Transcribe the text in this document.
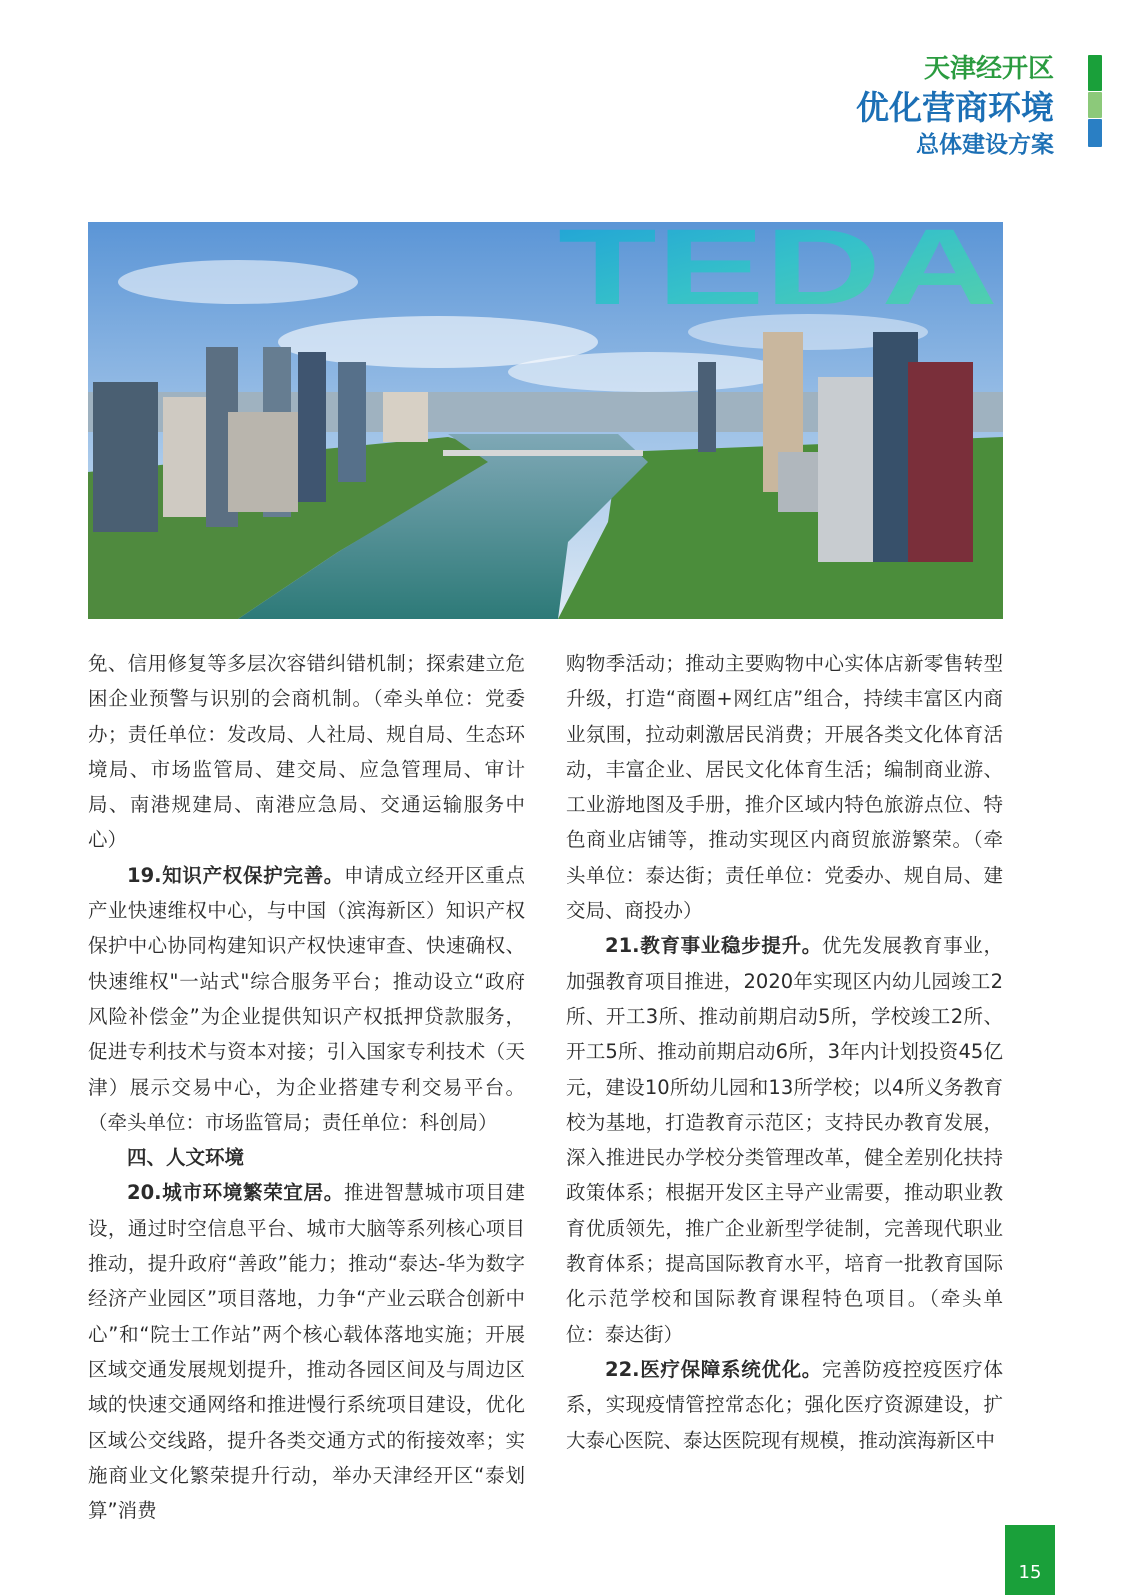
天津经开区
优化营商环境
总体建设方案
TEDA

免、信用修复等多层次容错纠错机制；探索建立危困企业预警与识别的会商机制。（牵头单位：党委办；责任单位：发改局、人社局、规自局、生态环境局、市场监管局、建交局、应急管理局、审计局、南港规建局、南港应急局、交通运输服务中心）

19.知识产权保护完善。申请成立经开区重点产业快速维权中心，与中国（滨海新区）知识产权保护中心协同构建知识产权快速审查、快速确权、快速维权"一站式"综合服务平台；推动设立“政府风险补偿金”为企业提供知识产权抵押贷款服务，促进专利技术与资本对接；引入国家专利技术（天津）展示交易中心，为企业搭建专利交易平台。（牵头单位：市场监管局；责任单位：科创局）

四、人文环境

20.城市环境繁荣宜居。推进智慧城市项目建设，通过时空信息平台、城市大脑等系列核心项目推动，提升政府“善政”能力；推动“泰达-华为数字经济产业园区”项目落地，力争“产业云联合创新中心”和“院士工作站”两个核心载体落地实施；开展区域交通发展规划提升，推动各园区间及与周边区域的快速交通网络和推进慢行系统项目建设，优化区域公交线路，提升各类交通方式的衔接效率；实施商业文化繁荣提升行动，举办天津经开区“泰划算”消费

购物季活动；推动主要购物中心实体店新零售转型升级，打造“商圈+网红店”组合，持续丰富区内商业氛围，拉动刺激居民消费；开展各类文化体育活动，丰富企业、居民文化体育生活；编制商业游、工业游地图及手册，推介区域内特色旅游点位、特色商业店铺等，推动实现区内商贸旅游繁荣。（牵头单位：泰达街；责任单位：党委办、规自局、建交局、商投办）

21.教育事业稳步提升。优先发展教育事业，加强教育项目推进，2020年实现区内幼儿园竣工2所、开工3所、推动前期启动5所，学校竣工2所、开工5所、推动前期启动6所，3年内计划投资45亿元，建设10所幼儿园和13所学校；以4所义务教育校为基地，打造教育示范区；支持民办教育发展，深入推进民办学校分类管理改革，健全差别化扶持政策体系；根据开发区主导产业需要，推动职业教育优质领先，推广企业新型学徒制，完善现代职业教育体系；提高国际教育水平，培育一批教育国际化示范学校和国际教育课程特色项目。（牵头单位：泰达街）

22.医疗保障系统优化。完善防疫控疫医疗体系，实现疫情管控常态化；强化医疗资源建设，扩大泰心医院、泰达医院现有规模，推动滨海新区中

15
